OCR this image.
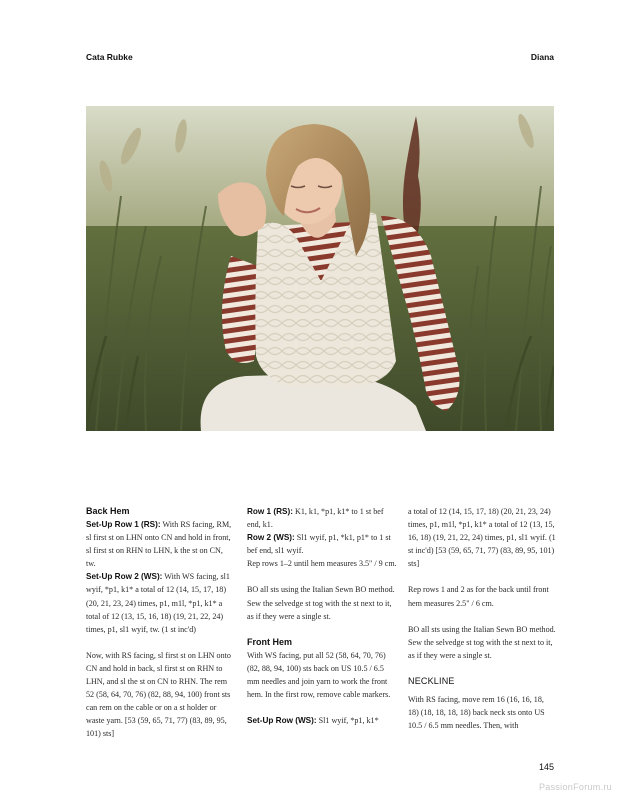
Cata Rubke	Diana
Back Hem
Set-Up Row 1 (RS): With RS facing, RM, sl first st on LHN onto CN and hold in front, sl first st on RHN to LHN, k the st on CN, tw.
Set-Up Row 2 (WS): With WS facing, sl1 wyif, *p1, k1* a total of 12 (14, 15, 17, 18) (20, 21, 23, 24) times, p1, m1l, *p1, k1* a total of 12 (13, 15, 16, 18) (19, 21, 22, 24) times, p1, sl1 wyif, tw. (1 st inc'd)
Now, with RS facing, sl first st on LHN onto CN and hold in back, sl first st on RHN to LHN, and sl the st on CN to RHN. The rem 52 (58, 64, 70, 76) (82, 88, 94, 100) front sts can rem on the cable or on a st holder or waste yarn. [53 (59, 65, 71, 77) (83, 89, 95, 101) sts]
Row 1 (RS): K1, k1, *p1, k1* to 1 st bef end, k1.
Row 2 (WS): Sl1 wyif, p1, *k1, p1* to 1 st bef end, sl1 wyif.
Rep rows 1–2 until hem measures 3.5" / 9 cm.
BO all sts using the Italian Sewn BO method. Sew the selvedge st tog with the st next to it, as if they were a single st.
Front Hem
With WS facing, put all 52 (58, 64, 70, 76) (82, 88, 94, 100) sts back on US 10.5 / 6.5 mm needles and join yarn to work the front hem. In the first row, remove cable markers.
Set-Up Row (WS): Sl1 wyif, *p1, k1*
a total of 12 (14, 15, 17, 18) (20, 21, 23, 24) times, p1, m1l, *p1, k1* a total of 12 (13, 15, 16, 18) (19, 21, 22, 24) times, p1, sl1 wyif. (1 st inc'd) [53 (59, 65, 71, 77) (83, 89, 95, 101) sts]
Rep rows 1 and 2 as for the back until front hem measures 2.5" / 6 cm.
BO all sts using the Italian Sewn BO method. Sew the selvedge st tog with the st next to it, as if they were a single st.
NECKLINE
With RS facing, move rem 16 (16, 16, 18, 18) (18, 18, 18, 18) back neck sts onto US 10.5 / 6.5 mm needles. Then, with
145
PassionForum.ru
